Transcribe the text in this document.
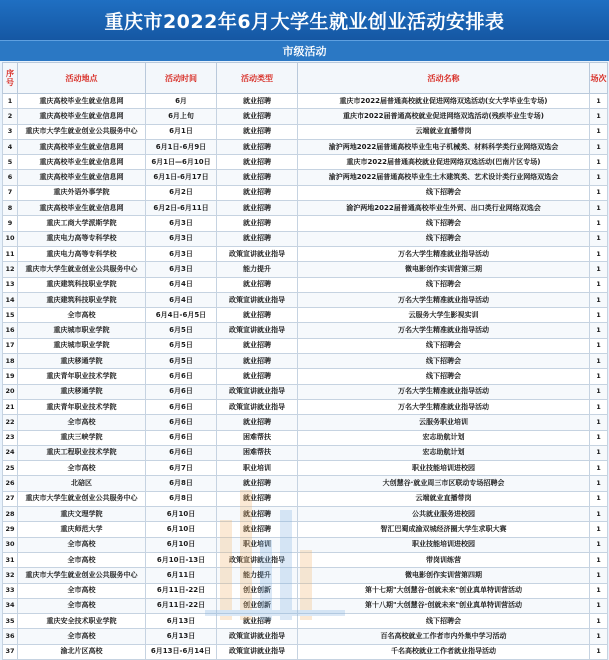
重庆市2022年6月大学生就业创业活动安排表
市级活动
序号	活动地点	活动时间	活动类型	活动名称	场次
1	重庆高校毕业生就业信息网	6月	就业招聘	重庆市2022届普通高校就业促进网络双选活动(女大学毕业生专场)	1
2	重庆高校毕业生就业信息网	6月上旬	就业招聘	重庆市2022届普通高校就业促进网络双选活动(残疾毕业生专场)	1
3	重庆市大学生就业创业公共服务中心	6月1日	就业招聘	云端就业直播带岗	1
4	重庆高校毕业生就业信息网	6月1日-6月9日	就业招聘	渝沪两地2022届普通高校毕业生电子机械类、材料科学类行业网络双选会	1
5	重庆高校毕业生就业信息网	6月1日—6月10日	就业招聘	重庆市2022届普通高校就业促进网络双选活动(巴南片区专场)	1
6	重庆高校毕业生就业信息网	6月1日-6月17日	就业招聘	渝沪两地2022届普通高校毕业生土木建筑类、艺术设计类行业网络双选会	1
7	重庆外语外事学院	6月2日	就业招聘	线下招聘会	1
8	重庆高校毕业生就业信息网	6月2日-6月11日	就业招聘	渝沪两地2022届普通高校毕业生外贸、出口类行业网络双选会	1
9	重庆工商大学派斯学院	6月3日	就业招聘	线下招聘会	1
10	重庆电力高等专科学校	6月3日	就业招聘	线下招聘会	1
11	重庆电力高等专科学校	6月3日	政策宣讲就业指导	万名大学生精准就业指导活动	1
12	重庆市大学生就业创业公共服务中心	6月3日	能力提升	微电影创作实训营第三期	1
13	重庆建筑科技职业学院	6月4日	就业招聘	线下招聘会	1
14	重庆建筑科技职业学院	6月4日	政策宣讲就业指导	万名大学生精准就业指导活动	1
15	全市高校	6月4日-6月5日	就业招聘	云服务大学生影视实训	1
16	重庆城市职业学院	6月5日	政策宣讲就业指导	万名大学生精准就业指导活动	1
17	重庆城市职业学院	6月5日	就业招聘	线下招聘会	1
18	重庆移通学院	6月5日	就业招聘	线下招聘会	1
19	重庆青年职业技术学院	6月6日	就业招聘	线下招聘会	1
20	重庆移通学院	6月6日	政策宣讲就业指导	万名大学生精准就业指导活动	1
21	重庆青年职业技术学院	6月6日	政策宣讲就业指导	万名大学生精准就业指导活动	1
22	全市高校	6月6日	就业招聘	云服务职业培训	1
23	重庆三峡学院	6月6日	困难帮扶	宏志助航计划	1
24	重庆工程职业技术学院	6月6日	困难帮扶	宏志助航计划	1
25	全市高校	6月7日	职业培训	职业技能培训进校园	1
26	北碚区	6月8日	就业招聘	大创慧谷·就业周三市区联动专场招聘会	1
27	重庆市大学生就业创业公共服务中心	6月8日	就业招聘	云端就业直播带岗	1
28	重庆文理学院	6月10日	就业招聘	公共就业服务进校园	1
29	重庆师范大学	6月10日	就业招聘	智汇巴蜀成渝双城经济圈大学生求职大赛	1
30	全市高校	6月10日	职业培训	职业技能培训进校园	1
31	全市高校	6月10日-13日	政策宣讲就业指导	带岗训练营	1
32	重庆市大学生就业创业公共服务中心	6月11日	能力提升	微电影创作实训营第四期	1
33	全市高校	6月11日-22日	创业创新	第十七期"大创慧谷·创就未来"创业真单特训营活动	1
34	全市高校	6月11日-22日	创业创新	第十八期"大创慧谷·创就未来"创业真单特训营活动	1
35	重庆安全技术职业学院	6月13日	就业招聘	线下招聘会	1
36	全市高校	6月13日	政策宣讲就业指导	百名高校就业工作者市内外集中学习活动	1
37	渝北片区高校	6月13日-6月14日	政策宣讲就业指导	千名高校就业工作者就业指导活动	1
